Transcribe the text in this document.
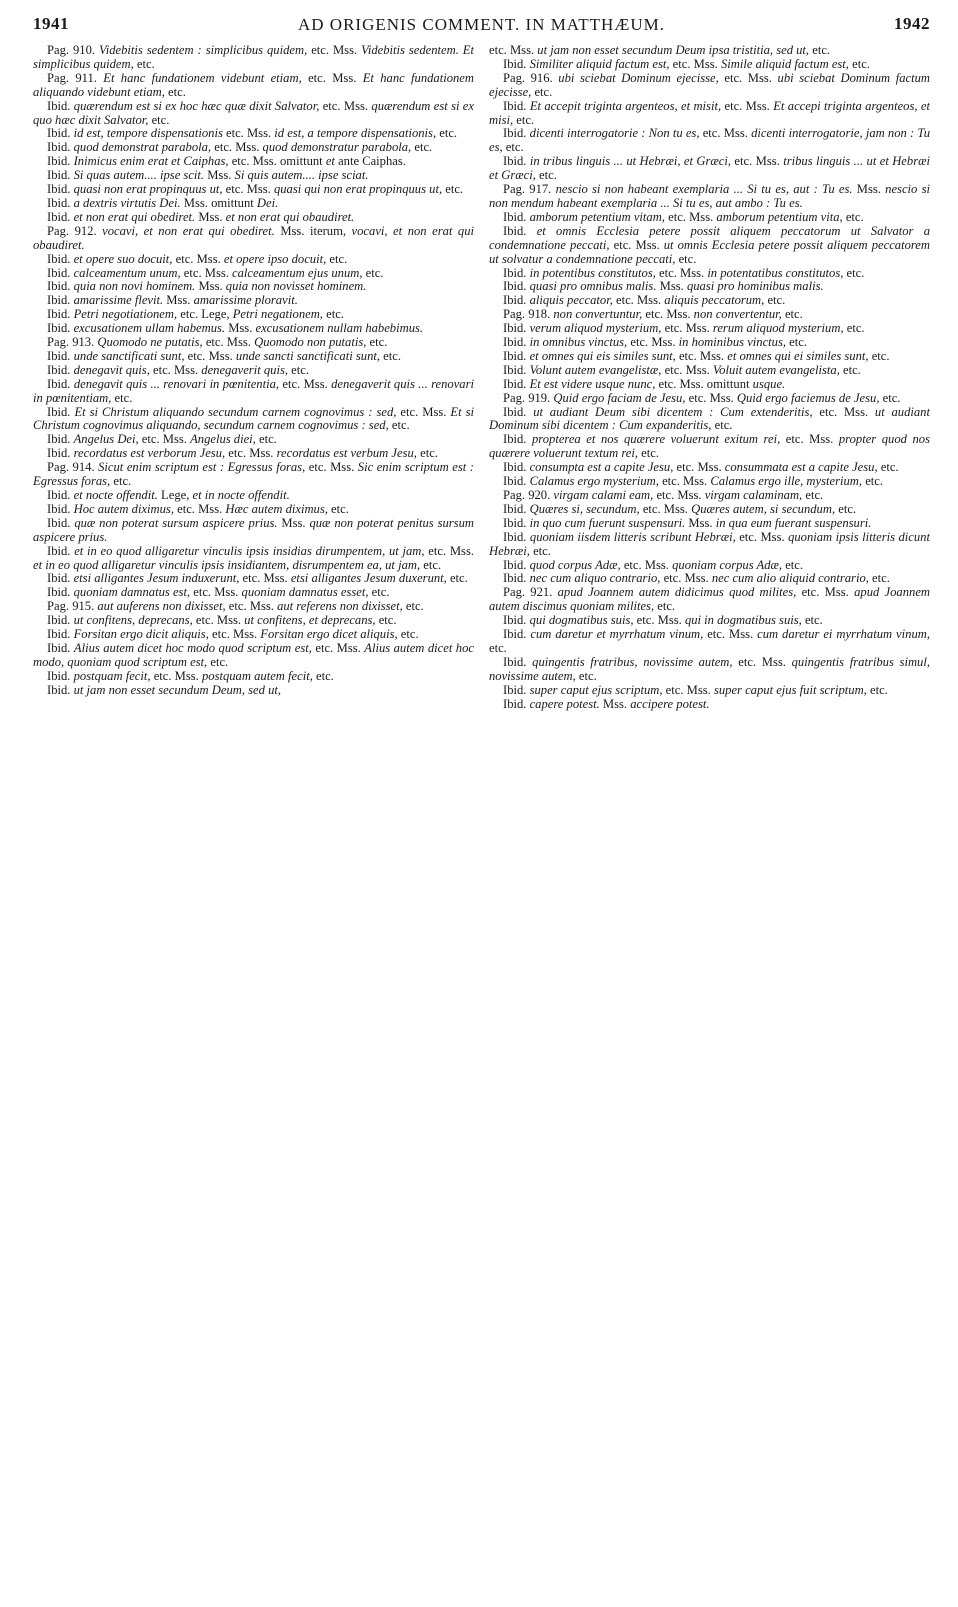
1941	AD ORIGENIS COMMENT. IN MATTHÆUM.	1942

Pag. 910. Videbitis sedentem : simplicibus quidem, etc. Mss. Videbitis sedentem. Et simplicibus quidem, etc.

Pag. 911. Et hanc fundationem videbunt etiam, etc. Mss. Et hanc fundationem aliquando videbunt etiam, etc.

Ibid. quærendum est si ex hoc hæc quæ dixit Salvator, etc. Mss. quærendum est si ex quo hæc dixit Salvator, etc.

Ibid. id est, tempore dispensationis etc. Mss. id est, a tempore dispensationis, etc.

Ibid. quod demonstrat parabola, etc. Mss. quod demonstratur parabola, etc.

Ibid. Inimicus enim erat et Caiphas, etc. Mss. omittunt et ante Caiphas.

Ibid. Si quas autem.... ipse scit. Mss. Si quis autem.... ipse sciat.

Ibid. quasi non erat propinquus ut, etc. Mss. quasi qui non erat propinquus ut, etc.

Ibid. a dextris virtutis Dei. Mss. omittunt Dei.

Ibid. et non erat qui obediret. Mss. et non erat qui obaudiret.

Pag. 912. vocavi, et non erat qui obediret. Mss. iterum, vocavi, et non erat qui obaudiret.

Ibid. et opere suo docuit, etc. Mss. et opere ipso docuit, etc.

Ibid. calceamentum unum, etc. Mss. calceamentum ejus unum, etc.

Ibid. quia non novi hominem. Mss. quia non novisset hominem.

Ibid. amarissime flevit. Mss. amarissime ploravit.

Ibid. Petri negotiationem, etc. Lege, Petri negationem, etc.

Ibid. excusationem ullam habemus. Mss. excusationem nullam habebimus.

Pag. 913. Quomodo ne putatis, etc. Mss. Quomodo non putatis, etc.

Ibid. unde sanctificati sunt, etc. Mss. unde sancti sanctificati sunt, etc.

Ibid. denegavit quis, etc. Mss. denegaverit quis, etc.

Ibid. denegavit quis ... renovari in pœnitentia, etc. Mss. denegaverit quis ... renovari in pœnitentiam, etc.

Ibid. Et si Christum aliquando secundum carnem cognovimus : sed, etc. Mss. Et si Christum cognovimus aliquando, secundum carnem cognovimus : sed, etc.

Ibid. Angelus Dei, etc. Mss. Angelus diei, etc.

Ibid. recordatus est verborum Jesu, etc. Mss. recordatus est verbum Jesu, etc.

Pag. 914. Sicut enim scriptum est : Egressus foras, etc. Mss. Sic enim scriptum est : Egressus foras, etc.

Ibid. et nocte offendit. Lege, et in nocte offendit.

Ibid. Hoc autem diximus, etc. Mss. Hæc autem diximus, etc.

Ibid. quæ non poterat sursum aspicere prius. Mss. quæ non poterat penitus sursum aspicere prius.

Ibid. et in eo quod alligaretur vinculis ipsis insidias dirumpentem, ut jam, etc. Mss. et in eo quod alligaretur vinculis ipsis insidiantem, disrumpentem ea, ut jam, etc.

Ibid. etsi alligantes Jesum induxerunt, etc. Mss. etsi alligantes Jesum duxerunt, etc.

Ibid. quoniam damnatus est, etc. Mss. quoniam damnatus esset, etc.

Pag. 915. aut auferens non dixisset, etc. Mss. aut referens non dixisset, etc.

Ibid. ut confitens, deprecans, etc. Mss. ut confitens, et deprecans, etc.

Ibid. Forsitan ergo dicit aliquis, etc. Mss. Forsitan ergo dicet aliquis, etc.

Ibid. Alius autem dicet hoc modo quod scriptum est, etc. Mss. Alius autem dicet hoc modo, quoniam quod scriptum est, etc.

Ibid. postquam fecit, etc. Mss. postquam autem fecit, etc.

Ibid. ut jam non esset secundum Deum, sed ut,

etc. Mss. ut jam non esset secundum Deum ipsa tristitia, sed ut, etc.

Ibid. Similiter aliquid factum est, etc. Mss. Simile aliquid factum est, etc.

Pag. 916. ubi sciebat Dominum ejecisse, etc. Mss. ubi sciebat Dominum factum ejecisse, etc.

Ibid. Et accepit triginta argenteos, et misit, etc. Mss. Et accepi triginta argenteos, et misi, etc.

Ibid. dicenti interrogatorie : Non tu es, etc. Mss. dicenti interrogatorie, jam non : Tu es, etc.

Ibid. in tribus linguis ... ut Hebræi, et Græci, etc. Mss. tribus linguis ... ut et Hebræi et Græci, etc.

Pag. 917. nescio si non habeant exemplaria ... Si tu es, aut : Tu es. Mss. nescio si non mendum habeant exemplaria ... Si tu es, aut ambo : Tu es.

Ibid. amborum petentium vitam, etc. Mss. amborum petentium vita, etc.

Ibid. et omnis Ecclesia petere possit aliquem peccatorum ut Salvator a condemnatione peccati, etc. Mss. ut omnis Ecclesia petere possit aliquem peccatorem ut solvatur a condemnatione peccati, etc.

Ibid. in potentibus constitutos, etc. Mss. in potentatibus constitutos, etc.

Ibid. quasi pro omnibus malis. Mss. quasi pro hominibus malis.

Ibid. aliquis peccator, etc. Mss. aliquis peccatorum, etc.

Pag. 918. non convertuntur, etc. Mss. non convertentur, etc.

Ibid. verum aliquod mysterium, etc. Mss. rerum aliquod mysterium, etc.

Ibid. in omnibus vinctus, etc. Mss. in hominibus vinctus, etc.

Ibid. et omnes qui eis similes sunt, etc. Mss. et omnes qui ei similes sunt, etc.

Ibid. Volunt autem evangelistæ, etc. Mss. Voluit autem evangelista, etc.

Ibid. Et est videre usque nunc, etc. Mss. omittunt usque.

Pag. 919. Quid ergo faciam de Jesu, etc. Mss. Quid ergo faciemus de Jesu, etc.

Ibid. ut audiant Deum sibi dicentem : Cum extenderitis, etc. Mss. ut audiant Dominum sibi dicentem : Cum expanderitis, etc.

Ibid. propterea et nos quærere voluerunt exitum rei, etc. Mss. propter quod nos quærere voluerunt textum rei, etc.

Ibid. consumpta est a capite Jesu, etc. Mss. consummata est a capite Jesu, etc.

Ibid. Calamus ergo mysterium, etc. Mss. Calamus ergo ille, mysterium, etc.

Pag. 920. virgam calami eam, etc. Mss. virgam calaminam, etc.

Ibid. Quæres si, secundum, etc. Mss. Quæres autem, si secundum, etc.

Ibid. in quo cum fuerunt suspensuri. Mss. in qua eum fuerant suspensuri.

Ibid. quoniam iisdem litteris scribunt Hebræi, etc. Mss. quoniam ipsis litteris dicunt Hebræi, etc.

Ibid. quod corpus Adæ, etc. Mss. quoniam corpus Adæ, etc.

Ibid. nec cum aliquo contrario, etc. Mss. nec cum alio aliquid contrario, etc.

Pag. 921. apud Joannem autem didicimus quod milites, etc. Mss. apud Joannem autem discimus quoniam milites, etc.

Ibid. qui dogmatibus suis, etc. Mss. qui in dogmatibus suis, etc.

Ibid. cum daretur et myrrhatum vinum, etc. Mss. cum daretur ei myrrhatum vinum, etc.

Ibid. quingentis fratribus, novissime autem, etc. Mss. quingentis fratribus simul, novissime autem, etc.

Ibid. super caput ejus scriptum, etc. Mss. super caput ejus fuit scriptum, etc.

Ibid. capere potest. Mss. accipere potest.
